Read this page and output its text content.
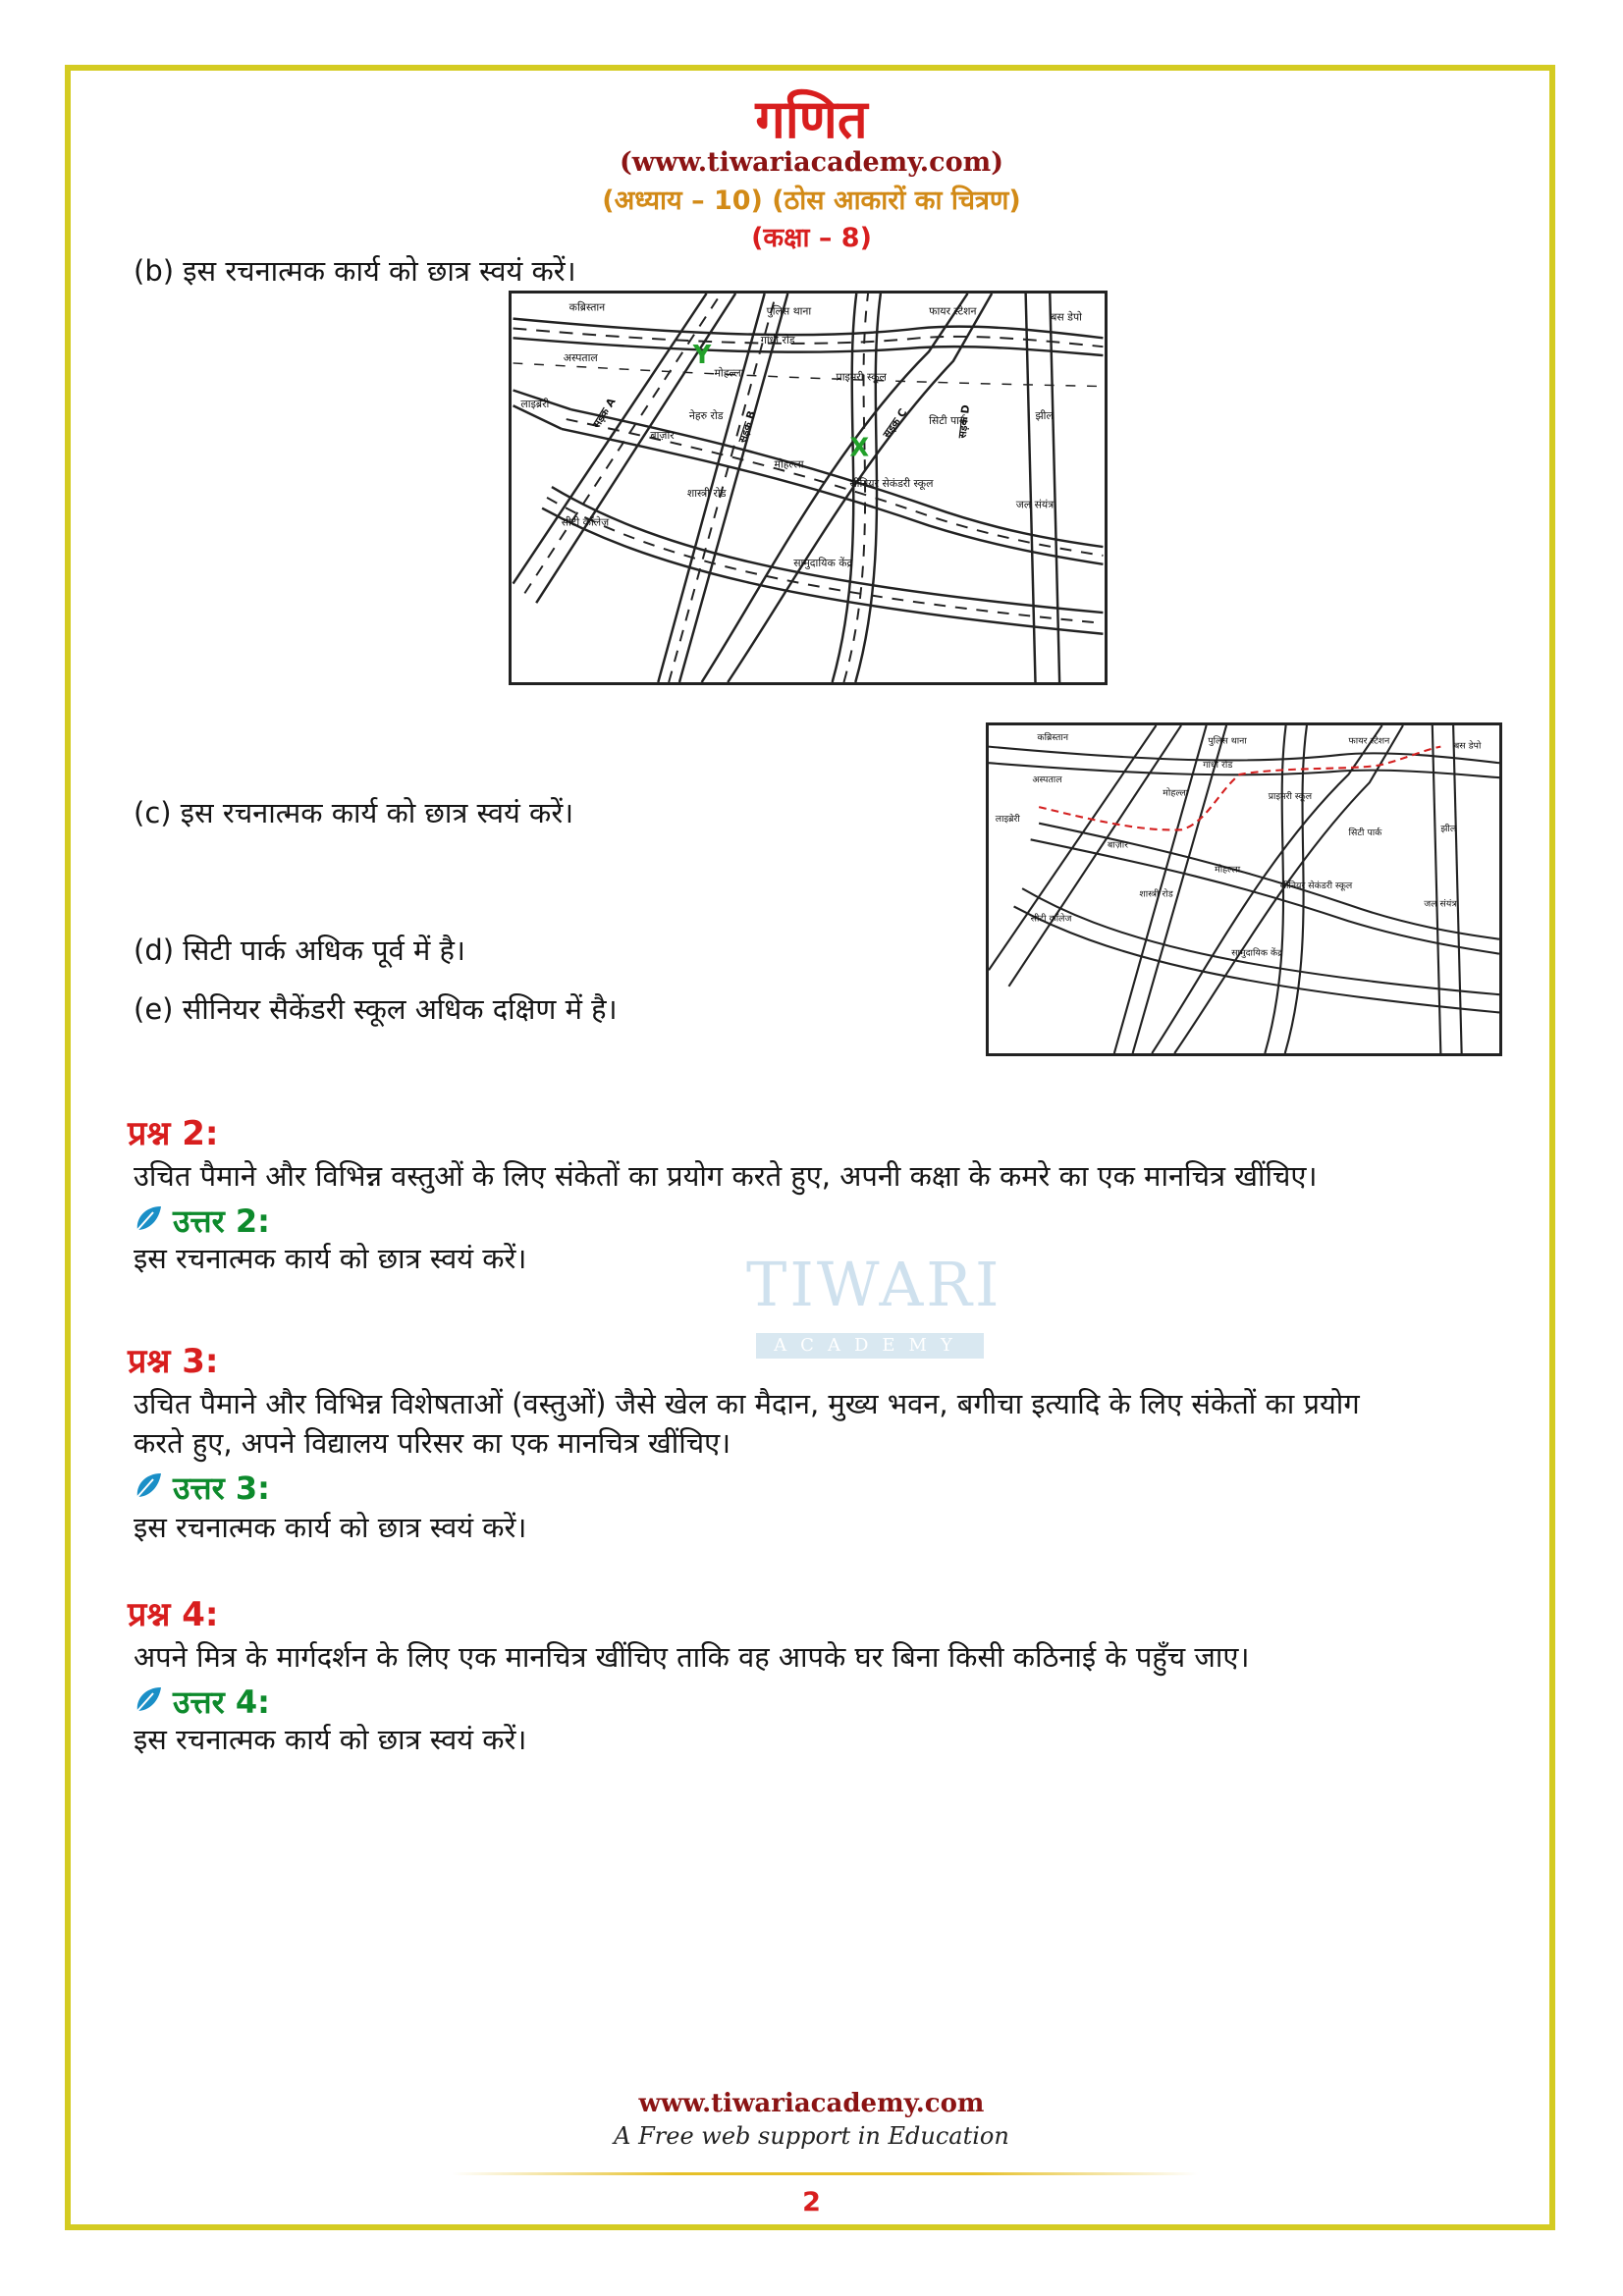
TIWARI
ACADEMY
गणित
(www.tiwariacademy.com)
(अध्याय – 10) (ठोस आकारों का चित्रण)
(कक्षा – 8)
(b) इस रचनात्मक कार्य को छात्र स्वयं करें।
कब्रिस्तान	पुलिस थाना	फायर स्टेशन	बस डेपो
गांधी रोड
अस्पताल
मोहल्ला	प्राइमरी स्कूल
लाइब्रेरी
नेहरु रोड	सिटी पार्क	झील
बाज़ार
मोहल्ला
सीनियर सेकंडरी स्कूल
शास्त्री रोड
जल संयंत्र
सीटी कॉलेज
सामुदायिक केंद्र
सड़क A	सड़क B	सड़क C	सड़क D
Y
X
(c) इस रचनात्मक कार्य को छात्र स्वयं करें।
(d) सिटी पार्क अधिक पूर्व में है।
(e) सीनियर सैकेंडरी स्कूल अधिक दक्षिण में है।
कब्रिस्तान	पुलिस थाना	फायर स्टेशन	बस डेपो
गांधी रोड
अस्पताल
मोहल्ला	प्राइमरी स्कूल
लाइब्रेरी
सिटी पार्क	झील
बाज़ार
मोहल्ला
सीनियर सेकंडरी स्कूल
शास्त्री रोड
जल संयंत्र
सीटी कॉलेज
सामुदायिक केंद्र
प्रश्न 2:
उचित पैमाने और विभिन्न वस्तुओं के लिए संकेतों का प्रयोग करते हुए, अपनी कक्षा के कमरे का एक मानचित्र खींचिए।
उत्तर 2:
इस रचनात्मक कार्य को छात्र स्वयं करें।
प्रश्न 3:
उचित पैमाने और विभिन्न विशेषताओं (वस्तुओं) जैसे खेल का मैदान, मुख्य भवन, बगीचा इत्यादि के लिए संकेतों का प्रयोग
करते हुए, अपने विद्यालय परिसर का एक मानचित्र खींचिए।
उत्तर 3:
इस रचनात्मक कार्य को छात्र स्वयं करें।
प्रश्न 4:
अपने मित्र के मार्गदर्शन के लिए एक मानचित्र खींचिए ताकि वह आपके घर बिना किसी कठिनाई के पहुँच जाए।
उत्तर 4:
इस रचनात्मक कार्य को छात्र स्वयं करें।
www.tiwariacademy.com
A Free web support in Education
2
